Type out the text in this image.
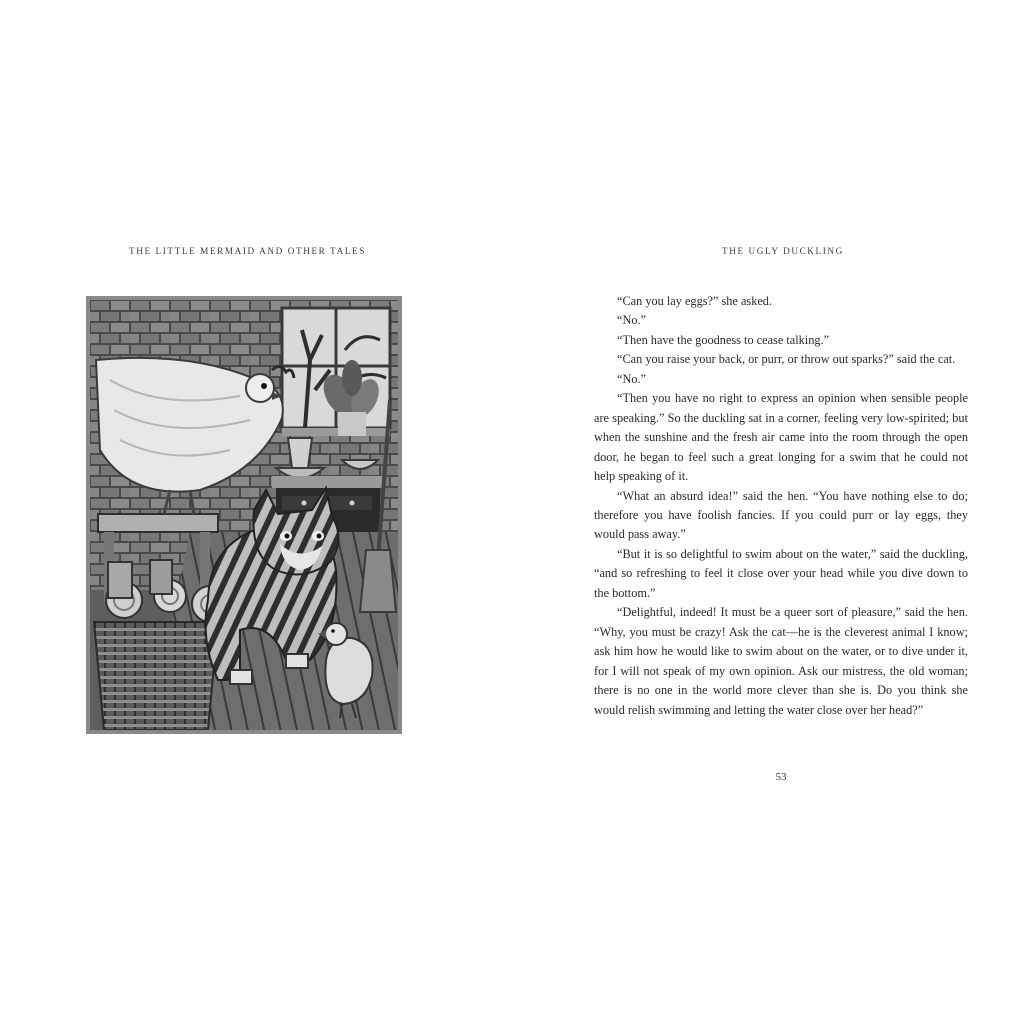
THE LITTLE MERMAID AND OTHER TALES	THE UGLY DUCKLING

“Can you lay eggs?” she asked.

“No.”

“Then have the goodness to cease talking.”

“Can you raise your back, or purr, or throw out sparks?” said the cat.

“No.”

“Then you have no right to express an opinion when sensible people are speaking.” So the duckling sat in a corner, feeling very low-spirited; but when the sunshine and the fresh air came into the room through the open door, he began to feel such a great longing for a swim that he could not help speaking of it.

“What an absurd idea!” said the hen. “You have nothing else to do; therefore you have foolish fancies. If you could purr or lay eggs, they would pass away.”

“But it is so delightful to swim about on the water,” said the duckling, “and so refreshing to feel it close over your head while you dive down to the bottom.”

“Delightful, indeed! It must be a queer sort of pleasure,” said the hen. “Why, you must be crazy! Ask the cat—he is the cleverest animal I know; ask him how he would like to swim about on the water, or to dive under it, for I will not speak of my own opinion. Ask our mistress, the old woman; there is no one in the world more clever than she is. Do you think she would relish swimming and letting the water close over her head?”

53
